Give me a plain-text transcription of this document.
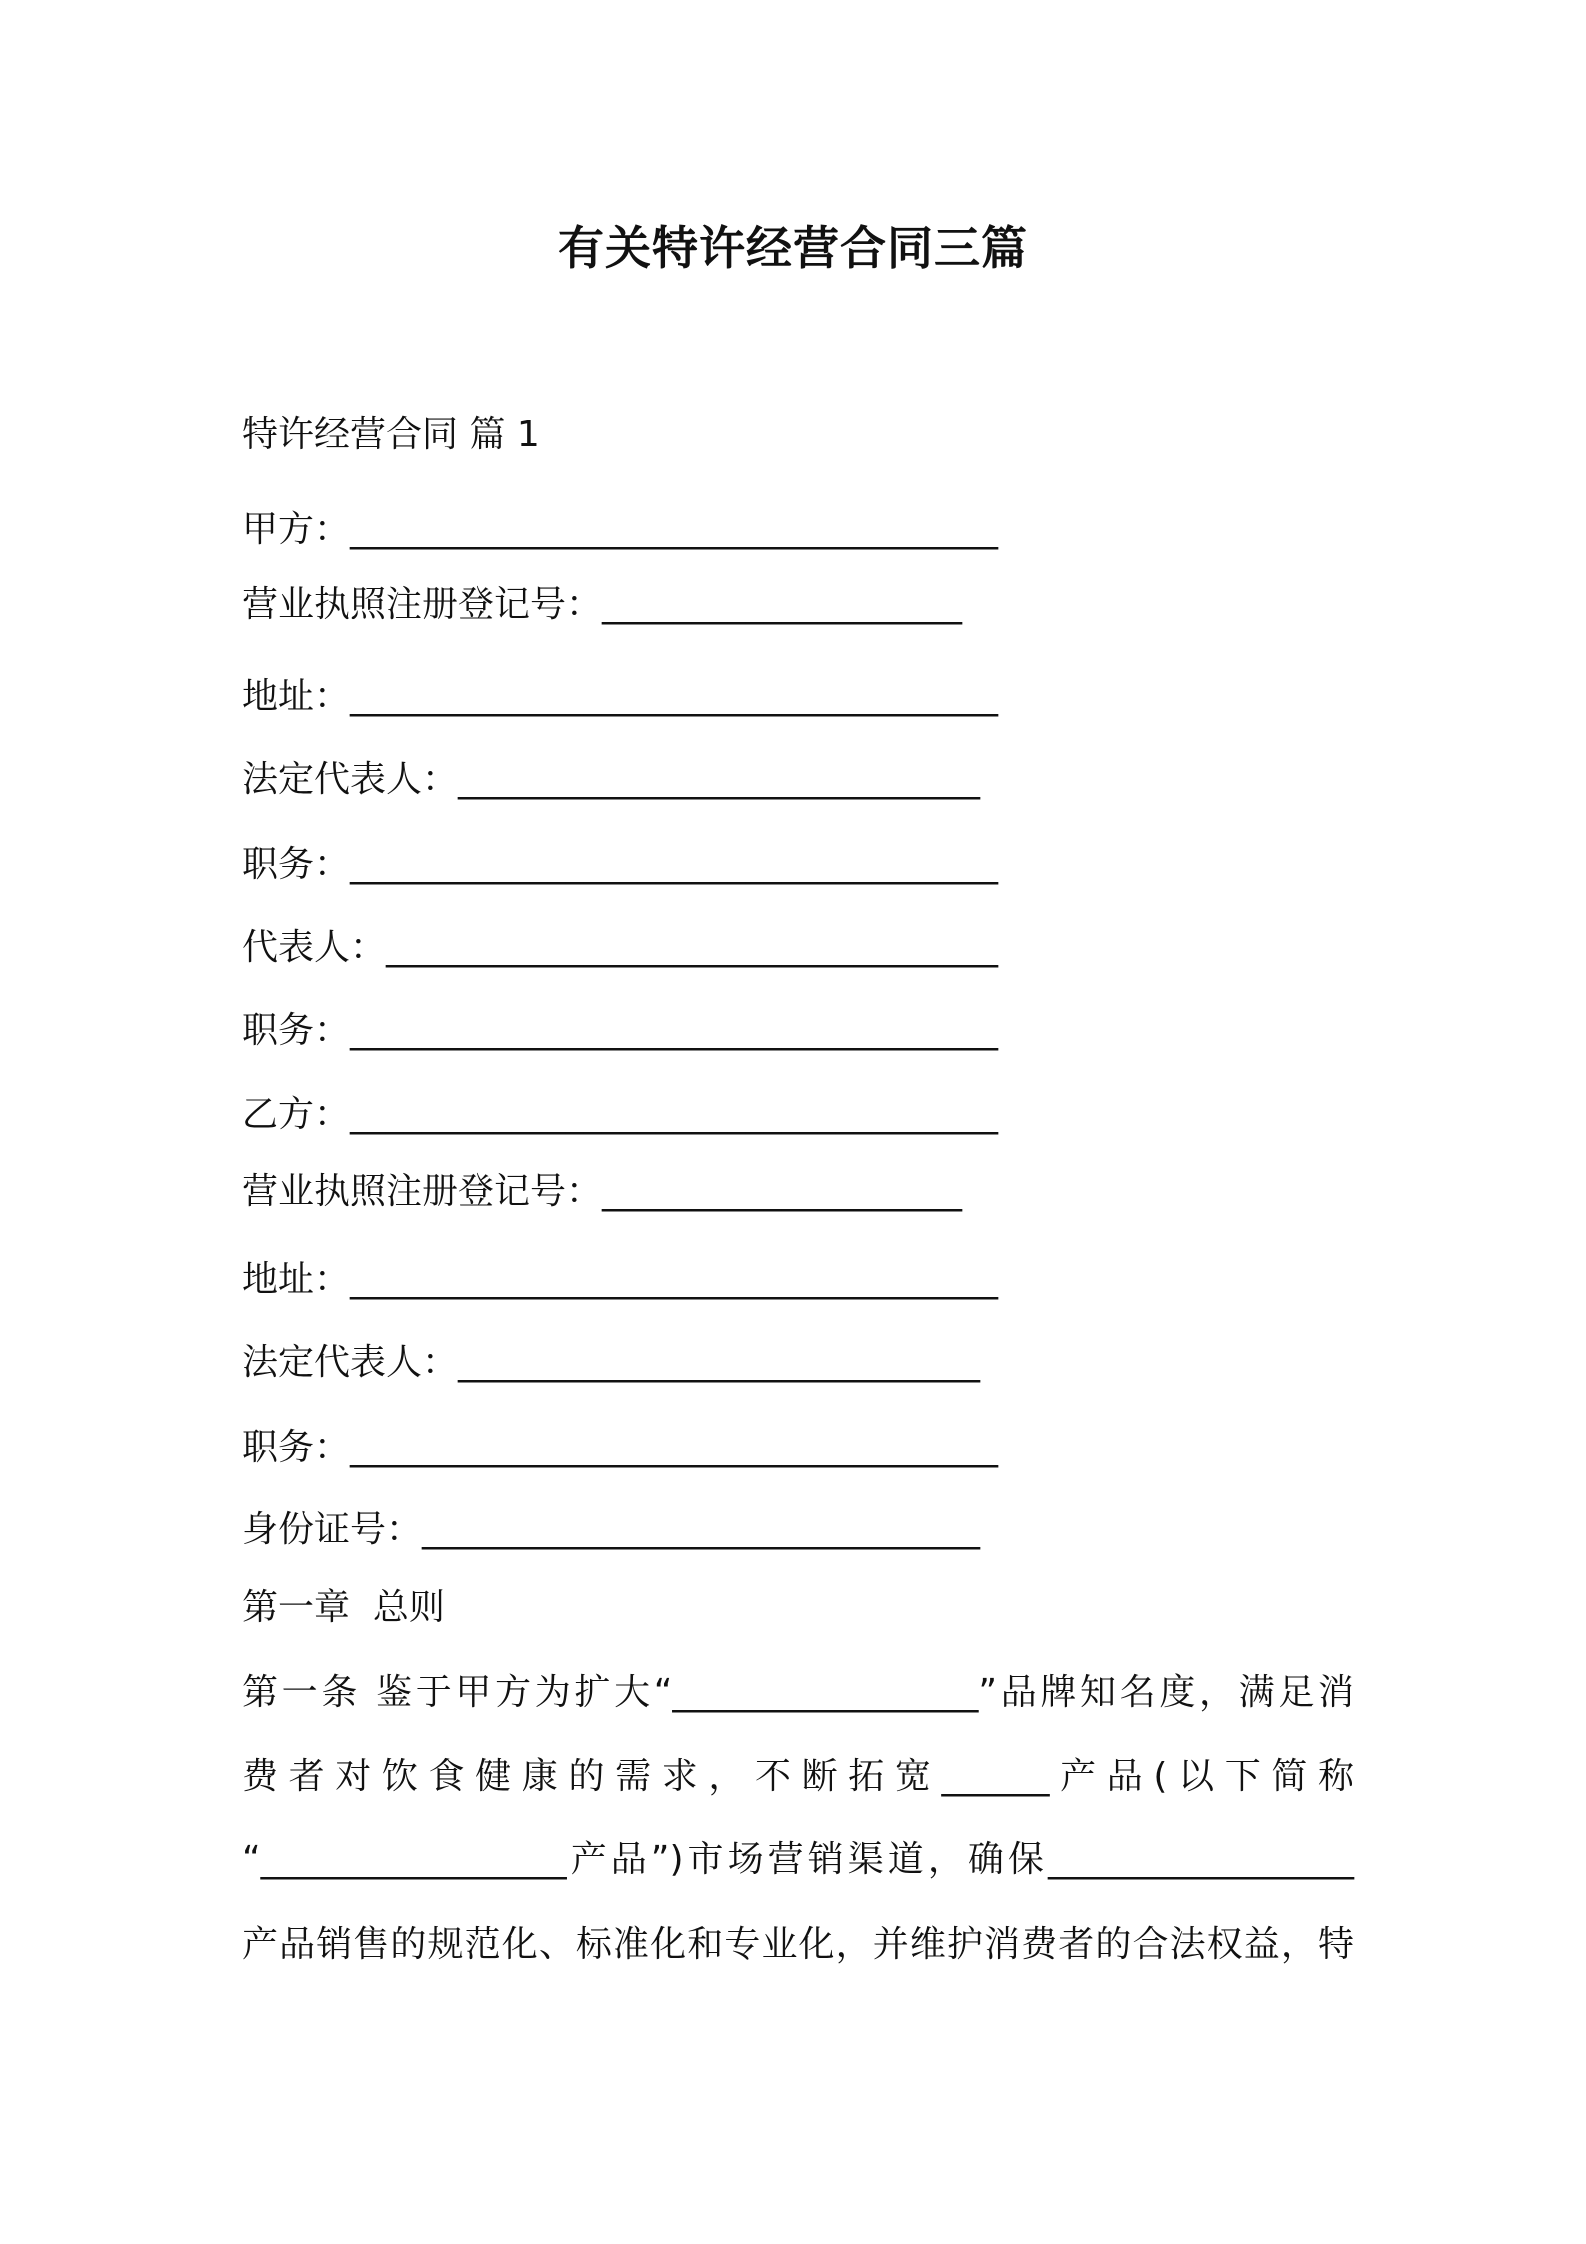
有关特许经营合同三篇

特许经营合同 篇 1

甲方：____________________________________

营业执照注册登记号：____________________

地址：____________________________________

法定代表人：_____________________________

职务：____________________________________

代表人：__________________________________

职务：____________________________________

乙方：____________________________________

营业执照注册登记号：____________________

地址：____________________________________

法定代表人：_____________________________

职务：____________________________________

身份证号：_______________________________

第一章  总则

第一条 鉴于甲方为扩大“_________________”品牌知名度，满足消

费者对饮食健康的需求，不断拓宽______产品(以下简称

“_________________产品”)市场营销渠道，确保_________________

产品销售的规范化、标准化和专业化，并维护消费者的合法权益，特
